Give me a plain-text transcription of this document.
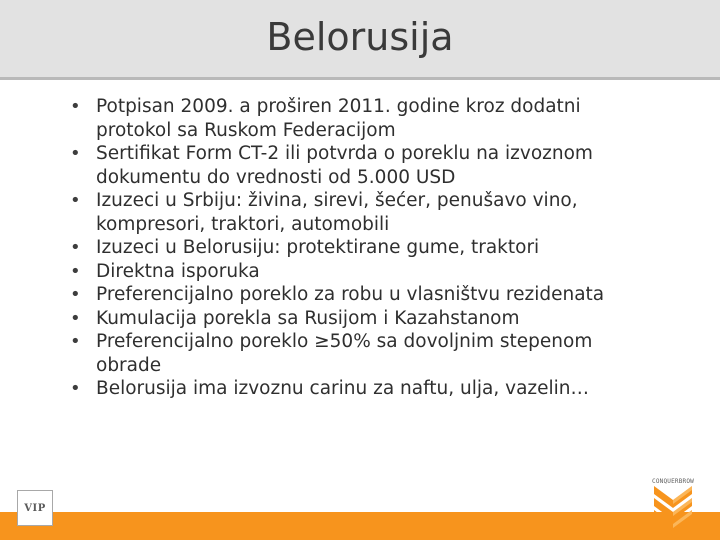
Belorusija
• Potpisan 2009. a proširen 2011. godine kroz dodatni protokol sa Ruskom Federacijom
• Sertifikat Form CT-2 ili potvrda o poreklu na izvoznom dokumentu do vrednosti od 5.000 USD
• Izuzeci u Srbiju: živina, sirevi, šećer, penušavo vino, kompresori, traktori, automobili
• Izuzeci u Belorusiju: protektirane gume, traktori
• Direktna isporuka
• Preferencijalno poreklo za robu u vlasništvu rezidenata
• Kumulacija porekla sa Rusijom i Kazahstanom
• Preferencijalno poreklo ≥50% sa dovoljnim stepenom obrade
• Belorusija ima izvoznu carinu za naftu, ulja, vazelin…
VIP
CONQUERBROW
